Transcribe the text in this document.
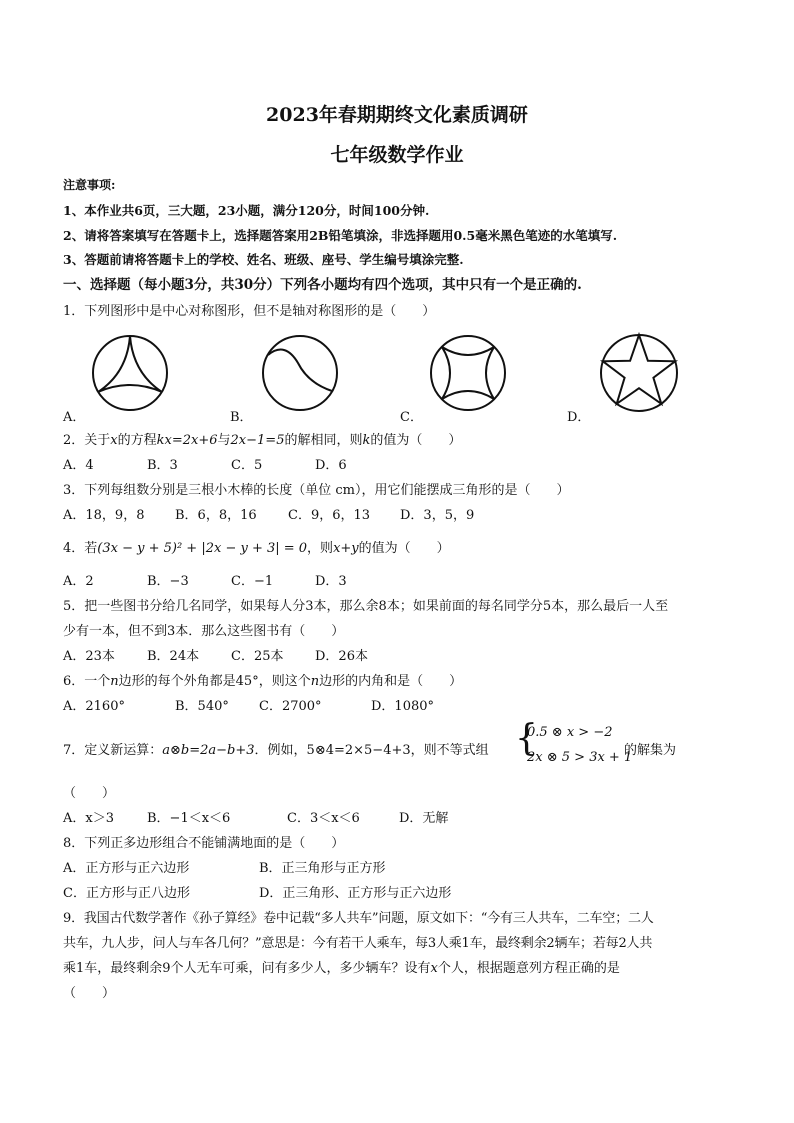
2023年春期期终文化素质调研
七年级数学作业
注意事项:
1、本作业共6页，三大题，23小题，满分120分，时间100分钟.
2、请将答案填写在答题卡上，选择题答案用2B铅笔填涂，非选择题用0.5毫米黑色笔迹的水笔填写.
3、答题前请将答题卡上的学校、姓名、班级、座号、学生编号填涂完整.
一、选择题（每小题3分，共30分）下列各小题均有四个选项，其中只有一个是正确的.
1．下列图形中是中心对称图形，但不是轴对称图形的是（　　）
A．	B．	C．	D．
2．关于x的方程kx=2x+6与2x−1=5的解相同，则k的值为（　　）
A．4	B．3	C．5	D．6
3．下列每组数分别是三根小木棒的长度（单位 cm），用它们能摆成三角形的是（　　）
A．18，9，8 B．6，8，16 C．9，6，13 D．3，5，9
4．若(3x − y + 5)² + |2x − y + 3| = 0，则x+y的值为（　　）
A．2	B．−3	C．−1	D．3
5．把一些图书分给几名同学，如果每人分3本，那么余8本；如果前面的每名同学分5本，那么最后一人至
少有一本，但不到3本．那么这些图书有（　　）
A．23本 B．24本 C．25本 D．26本
6．一个n边形的每个外角都是45°，则这个n边形的内角和是（　　）
A．2160°	B．540° C．2700°	D．1080°
7．定义新运算：a⊗b=2a−b+3．例如，5⊗4=2×5−4+3，则不等式组 {
0.5 ⊗ x > −2
2x ⊗ 5 > 3x + 1
的解集为
（　　）
A．x＞3	B．−1＜x＜6	C．3＜x＜6	D．无解
8．下列正多边形组合不能铺满地面的是（　　）
A．正方形与正六边形	B．正三角形与正方形
C．正方形与正八边形	D．正三角形、正方形与正六边形
9．我国古代数学著作《孙子算经》卷中记载“多人共车”问题，原文如下：“今有三人共车，二车空；二人
共车，九人步，问人与车各几何？”意思是：今有若干人乘车，每3人乘1车，最终剩余2辆车；若每2人共
乘1车，最终剩余9个人无车可乘，问有多少人，多少辆车？设有x个人，根据题意列方程正确的是
（　　）
